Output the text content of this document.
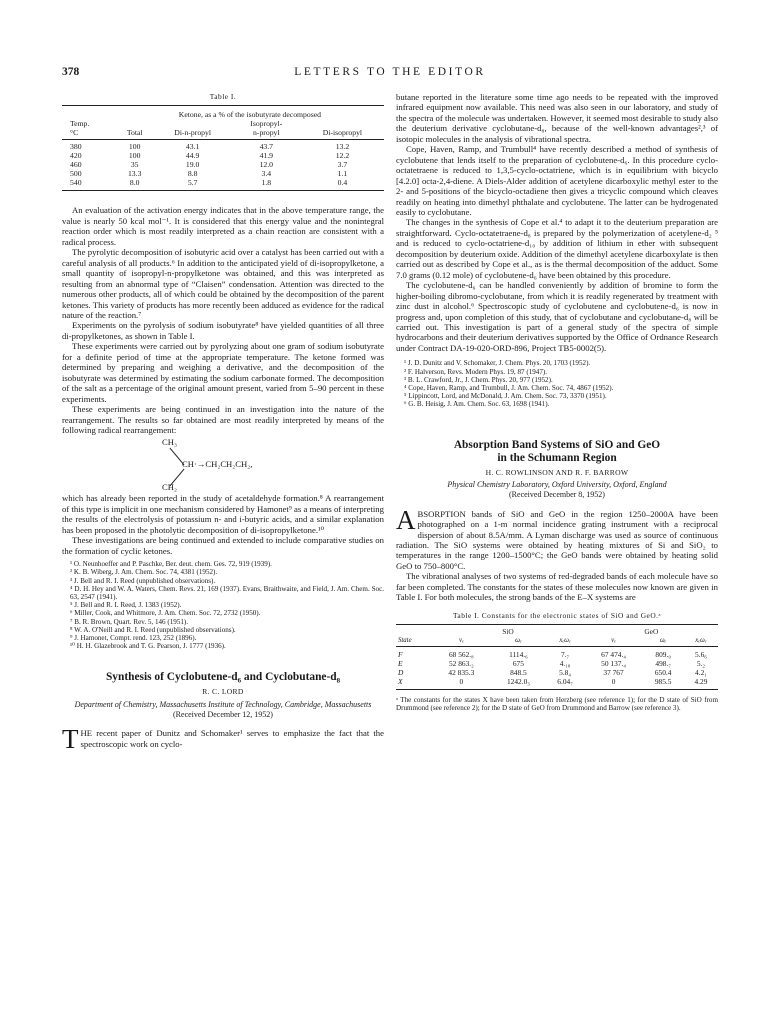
378	LETTERS TO THE EDITOR
Table I.
	Ketone, as a % of the isobutyrate decomposed			
Temp.			Isopropyl-	
°C	Total	Di-n-propyl	n-propyl	Di-isopropyl
380	100	43.1	43.7	13.2
420	100	44.9	41.9	12.2
460	35	19.0	12.0	3.7
500	13.3	8.8	3.4	1.1
540	8.0	5.7	1.8	0.4

An evaluation of the activation energy indicates that in the above temperature range, the value is nearly 50 kcal mol⁻¹. It is considered that this energy value and the nonintegral reaction order which is most readily interpreted as a chain reaction are consistent with a radical process.

The pyrolytic decomposition of isobutyric acid over a catalyst has been carried out with a careful analysis of all products.⁶ In addition to the anticipated yield of di-isopropylketone, a small quantity of isopropyl-n-propylketone was obtained, and this was interpreted as resulting from an abnormal type of “Claisen” condensation. Attention was directed to the numerous other products, all of which could be obtained by the decomposition of the parent ketones. This variety of products has more recently been adduced as evidence for the radical nature of the reaction.⁷

Experiments on the pyrolysis of sodium isobutyrate⁸ have yielded quantities of all three di-propylketones, as shown in Table I.

These experiments were carried out by pyrolyzing about one gram of sodium isobutyrate for a definite period of time at the appropriate temperature. The ketone formed was determined by preparing and weighing a derivative, and the decomposition of the isobutyrate was determined by estimating the sodium carbonate formed. The decomposition of the salt as a percentage of the original amount present, varied from 5–90 percent in these experiments.

These experiments are being continued in an investigation into the nature of the rearrangement. The results so far obtained are most readily interpreted by means of the following radical rearrangement:

CH₃
CH·→CH₂CH₂CH₂,
CH₂

which has already been reported in the study of acetaldehyde formation.⁸ A rearrangement of this type is implicit in one mechanism considered by Hamonet⁹ as a means of interpreting the results of the electrolysis of potassium n- and i-butyric acids, and a similar explanation has been proposed in the photolytic decomposition of di-isopropylketone.¹⁰

These investigations are being continued and extended to include comparative studies on the formation of cyclic ketones.

¹ O. Neunhoeffer and P. Paschke, Ber. deut. chem. Ges. 72, 919 (1939).
² K. B. Wiberg, J. Am. Chem. Soc. 74, 4381 (1952).
³ J. Bell and R. I. Reed (unpublished observations).
⁴ D. H. Hey and W. A. Waters, Chem. Revs. 21, 169 (1937). Evans, Braithwaite, and Field, J. Am. Chem. Soc. 63, 2547 (1941).
⁵ J. Bell and R. I. Reed, J. 1383 (1952).
⁶ Miller, Cook, and Whitmore, J. Am. Chem. Soc. 72, 2732 (1950).
⁷ B. R. Brown, Quart. Rev. 5, 146 (1951).
⁸ W. A. O'Neill and R. I. Reed (unpublished observations).
⁹ J. Hamonet, Compt. rend. 123, 252 (1896).
¹⁰ H. H. Glazebrook and T. G. Pearson, J. 1777 (1936).
Synthesis of Cyclobutene-d₆ and Cyclobutane-d₈
R. C. LORD
Department of Chemistry, Massachusetts Institute of Technology, Cambridge, Massachusetts
(Received December 12, 1952)

THE recent paper of Dunitz and Schomaker¹ serves to emphasize the fact that the spectroscopic work on cyclo-

butane reported in the literature some time ago needs to be repeated with the improved infrared equipment now available. This need was also seen in our laboratory, and study of the spectra of the molecule was undertaken. However, it seemed most desirable to study also the deuterium derivative cyclobutane-d₈, because of the well-known advantages²,³ of isotopic molecules in the analysis of vibrational spectra.

Cope, Haven, Ramp, and Trumbull⁴ have recently described a method of synthesis of cyclobutene that lends itself to the preparation of cyclobutene-d₆. In this procedure cyclo-octatetraene is reduced to 1,3,5-cyclo-octatriene, which is in equilibrium with bicyclo [4.2.0] octa-2,4-diene. A Diels-Alder addition of acetylene dicarboxylic methyl ester to the 2- and 5-positions of the bicyclo-octadiene then gives a tricyclic compound which cleaves readily on heating into dimethyl phthalate and cyclobutene. The latter can be hydrogenated easily to cyclobutane.

The changes in the synthesis of Cope et al.⁴ to adapt it to the deuterium preparation are straightforward. Cyclo-octatetraene-d₈ is prepared by the polymerization of acetylene-d₂ ⁵ and is reduced to cyclo-octatriene-d₁₀ by addition of lithium in ether with subsequent decomposition by deuterium oxide. Addition of the dimethyl acetylene dicarboxylate is then carried out as described by Cope et al., as is the thermal decomposition of the adduct. Some 7.0 grams (0.12 mole) of cyclobutene-d₆ have been obtained by this procedure.

The cyclobutene-d₆ can be handled conveniently by addition of bromine to form the higher-boiling dibromo-cyclobutane, from which it is readily regenerated by treatment with zinc dust in alcohol.⁶ Spectroscopic study of cyclobutene and cyclobutene-d₆ is now in progress and, upon completion of this study, that of cyclobutane and cyclobutane-d₈ will be carried out. This investigation is part of a general study of the spectra of simple hydrocarbons and their deuterium derivatives supported by the Office of Ordnance Research under Contract DA-19-020-ORD-896, Project TB5-0002(5).

¹ J. D. Dunitz and V. Schomaker, J. Chem. Phys. 20, 1703 (1952).
² F. Halverson, Revs. Modern Phys. 19, 87 (1947).
³ B. L. Crawford, Jr., J. Chem. Phys. 20, 977 (1952).
⁴ Cope, Haven, Ramp, and Trumbull, J. Am. Chem. Soc. 74, 4867 (1952).
⁵ Lippincott, Lord, and McDonald, J. Am. Chem. Soc. 73, 3370 (1951).
⁶ G. B. Heisig, J. Am. Chem. Soc. 63, 1698 (1941).
Absorption Band Systems of SiO and GeO
in the Schumann Region
H. C. ROWLINSON AND R. F. BARROW
Physical Chemistry Laboratory, Oxford University, Oxford, England
(Received December 8, 1952)

ABSORPTION bands of SiO and GeO in the region 1250–2000A have been photographed on a 1-m normal incidence grating instrument with a reciprocal dispersion of about 8.5A/mm. A Lyman discharge was used as source of continuous radiation. The SiO systems were obtained by heating mixtures of Si and SiO₂ to temperatures in the range 1200–1500°C; the GeO bands were obtained by heating solid GeO to 750–800°C.

The vibrational analyses of two systems of red-degraded bands of each molecule have so far been completed. The constants for the states of these molecules now known are given in Table I. For both molecules, the strong bands of the E–X systems are

Table I. Constants for the electronic states of SiO and GeO.ᵃ
	SiO			GeO		
State	νₑ	ωₑ	xₑωₑ	νₑ	ωₑ	xₑωₑ
F	68 562.₈	1114.₆	7.₇	67 474.₄	809.₀	5.6₆
E	52 863.₂	675	4.₁₈	50 137.₄	498.₇	5.₂
D	42 835.3	848.5	5.8₄	37 767	650.4	4.2₁
X	0	1242.0₃	6.04₇	0	985.5	4.29
ᵃ The constants for the states X have been taken from Herzberg (see reference 1); for the D state of SiO from Drummond (see reference 2); for the D state of GeO from Drummond and Barrow (see reference 3).
